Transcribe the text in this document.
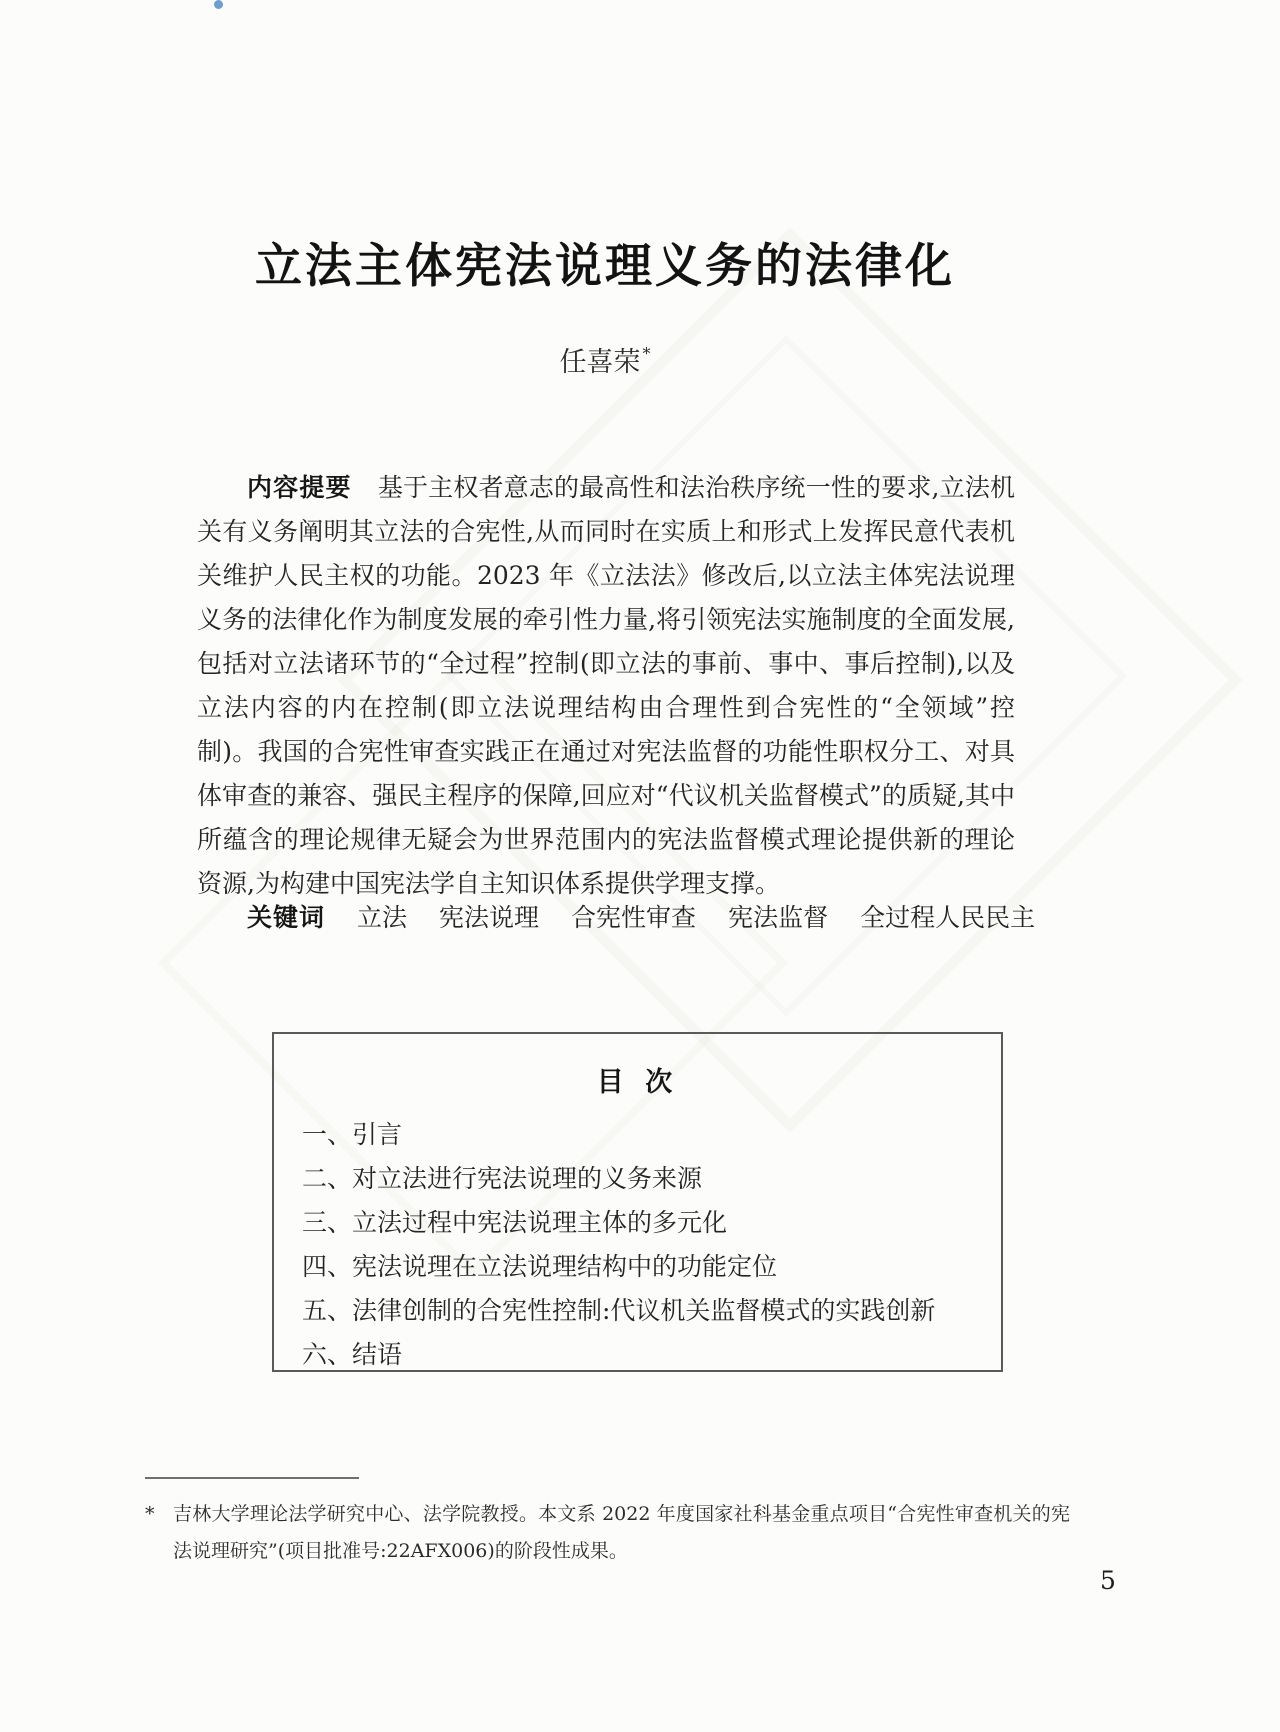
立法主体宪法说理义务的法律化
任喜荣 *

内容提要 基于主权者意志的最高性和法治秩序统一性的要求,立法机关有义务阐明其立法的合宪性,从而同时在实质上和形式上发挥民意代表机关维护人民主权的功能。2023 年《立法法》修改后,以立法主体宪法说理义务的法律化作为制度发展的牵引性力量,将引领宪法实施制度的全面发展,包括对立法诸环节的“全过程”控制(即立法的事前、事中、事后控制),以及立法内容的内在控制(即立法说理结构由合理性到合宪性的“全领域”控制)。我国的合宪性审查实践正在通过对宪法监督的功能性职权分工、对具体审查的兼容、强民主程序的保障,回应对“代议机关监督模式”的质疑,其中所蕴含的理论规律无疑会为世界范围内的宪法监督模式理论提供新的理论资源,为构建中国宪法学自主知识体系提供学理支撑。

关键词 立法 宪法说理 合宪性审查 宪法监督 全过程人民民主

目 次
一、引言
二、对立法进行宪法说理的义务来源
三、立法过程中宪法说理主体的多元化
四、宪法说理在立法说理结构中的功能定位
五、法律创制的合宪性控制:代议机关监督模式的实践创新
六、结语
* 吉林大学理论法学研究中心、法学院教授。本文系 2022 年度国家社科基金重点项目“合宪性审查机关的宪法说理研究”(项目批准号:22AFX006)的阶段性成果。
5
